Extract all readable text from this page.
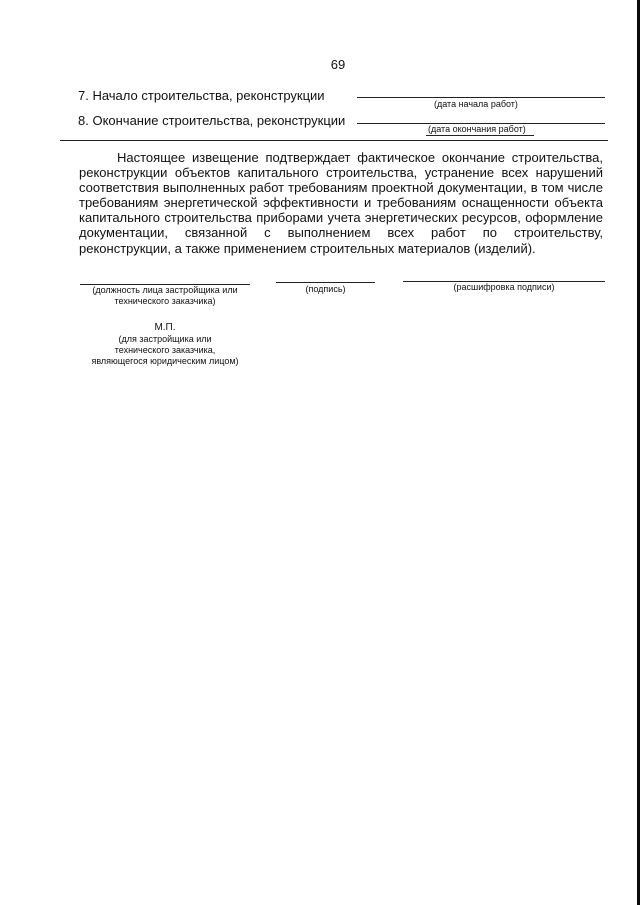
69
7. Начало строительства, реконструкции
(дата начала работ)
8. Окончание строительства, реконструкции
(дата окончания работ)

Настоящее извещение подтверждает фактическое окончание строительства, реконструкции объектов капитального строительства, устранение всех нарушений соответствия выполненных работ требованиям проектной документации, в том числе требованиям энергетической эффективности и требованиям оснащенности объекта капитального строительства приборами учета энергетических ресурсов, оформление документации, связанной с выполнением всех работ по строительству, реконструкции, а также применением строительных материалов (изделий).

(должность лица застройщика или
технического заказчика)
(подпись)	(расшифровка подписи)
М.П.
(для застройщика или
технического заказчика,
являющегося юридическим лицом)
